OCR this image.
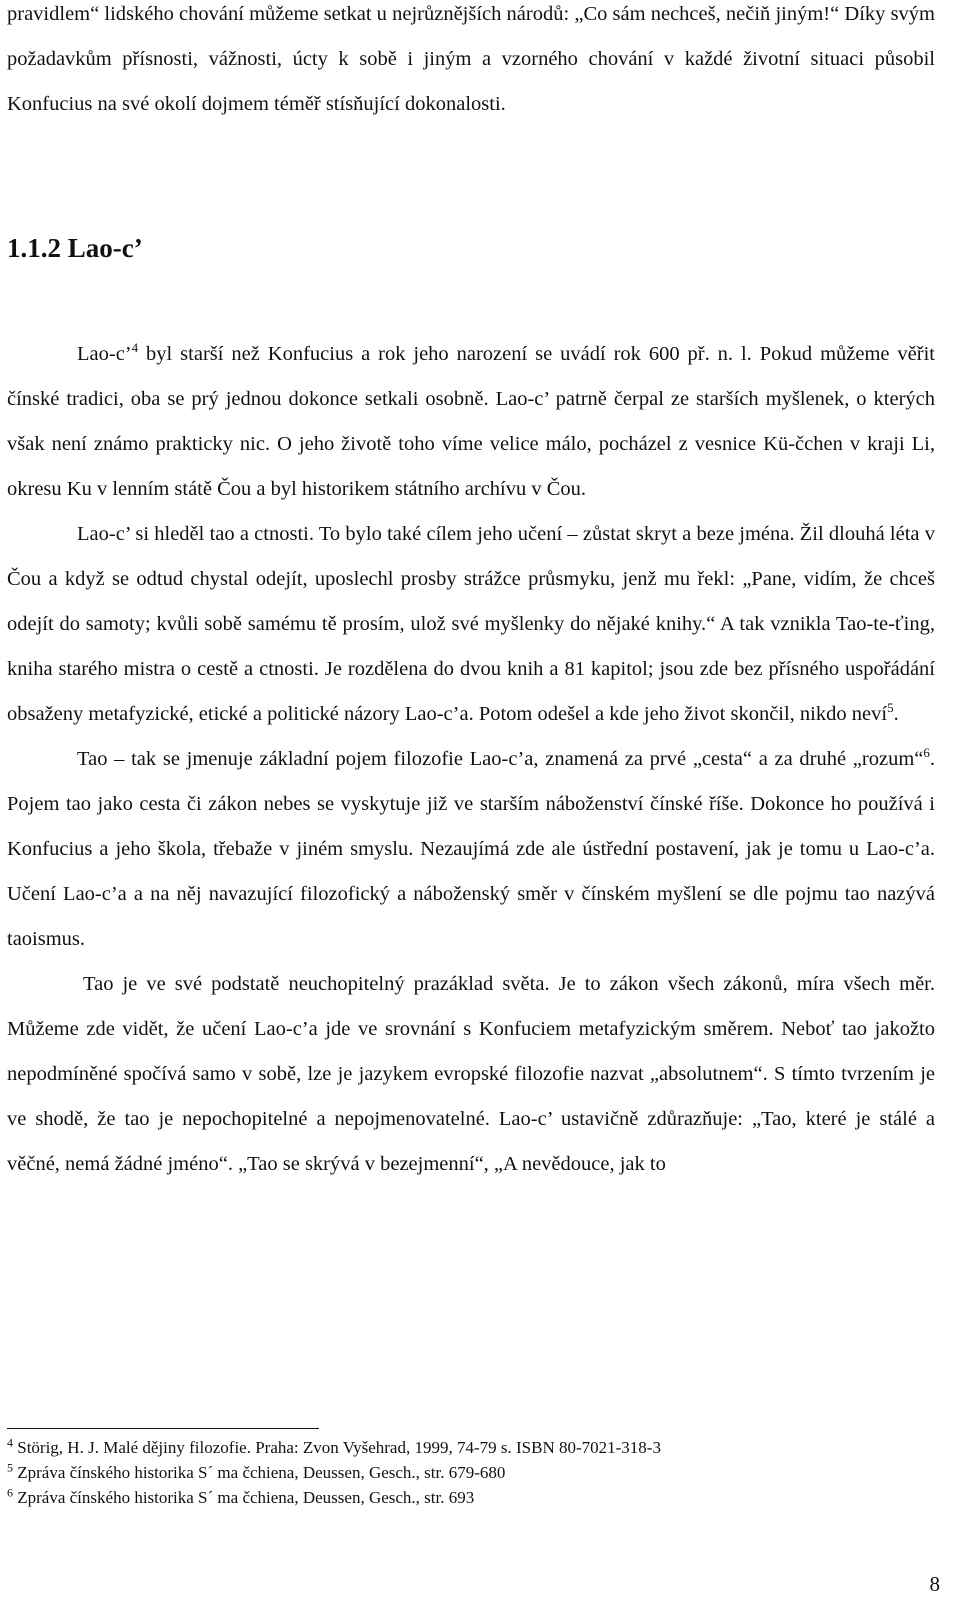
pravidlem“ lidského chování můžeme setkat u nejrůznějších národů: „Co sám nechceš, nečiň jiným!“ Díky svým požadavkům přísnosti, vážnosti, úcty k sobě i jiným a vzorného chování v každé životní situaci působil Konfucius na své okolí dojmem téměř stísňující dokonalosti.

1.1.2 Lao-c’

Lao-c’$^4$ byl starší než Konfucius a rok jeho narození se uvádí rok 600 př. n. l. Pokud můžeme věřit čínské tradici, oba se prý jednou dokonce setkali osobně. Lao-c’ patrně čerpal ze starších myšlenek, o kterých však není známo prakticky nic. O jeho životě toho víme velice málo, pocházel z vesnice Kü-čchen v kraji Li, okresu Ku v lenním státě Čou a byl historikem státního archívu v Čou.

Lao-c’ si hleděl tao a ctnosti. To bylo také cílem jeho učení – zůstat skryt a beze jména. Žil dlouhá léta v Čou a když se odtud chystal odejít, uposlechl prosby strážce průsmyku, jenž mu řekl: „Pane, vidím, že chceš odejít do samoty; kvůli sobě samému tě prosím, ulož své myšlenky do nějaké knihy.“ A tak vznikla Tao-te-ťing, kniha starého mistra o cestě a ctnosti. Je rozdělena do dvou knih a 81 kapitol; jsou zde bez přísného uspořádání obsaženy metafyzické, etické a politické názory Lao-c’a. Potom odešel a kde jeho život skončil, nikdo neví$^5$.

Tao – tak se jmenuje základní pojem filozofie Lao-c’a, znamená za prvé „cesta“ a za druhé „rozum“$^6$. Pojem tao jako cesta či zákon nebes se vyskytuje již ve starším náboženství čínské říše. Dokonce ho používá i Konfucius a jeho škola, třebaže v jiném smyslu. Nezaujímá zde ale ústřední postavení, jak je tomu u Lao-c’a. Učení Lao-c’a a na něj navazující filozofický a náboženský směr v čínském myšlení se dle pojmu tao nazývá taoismus.

Tao je ve své podstatě neuchopitelný prazáklad světa. Je to zákon všech zákonů, míra všech měr. Můžeme zde vidět, že učení Lao-c’a jde ve srovnání s Konfuciem metafyzickým směrem. Neboť tao jakožto nepodmíněné spočívá samo v sobě, lze je jazykem evropské filozofie nazvat „absolutnem“. S tímto tvrzením je ve shodě, že tao je nepochopitelné a nepojmenovatelné. Lao-c’ ustavičně zdůrazňuje: „Tao, které je stálé a věčné, nemá žádné jméno“. „Tao se skrývá v bezejmenní“, „A nevědouce, jak to

$^4$ Störig, H. J. Malé dějiny filozofie. Praha: Zvon Vyšehrad, 1999, 74-79 s. ISBN 80-7021-318-3

$^5$ Zpráva čínského historika S´ ma čchiena, Deussen, Gesch., str. 679-680

$^6$ Zpráva čínského historika S´ ma čchiena, Deussen, Gesch., str. 693

8
